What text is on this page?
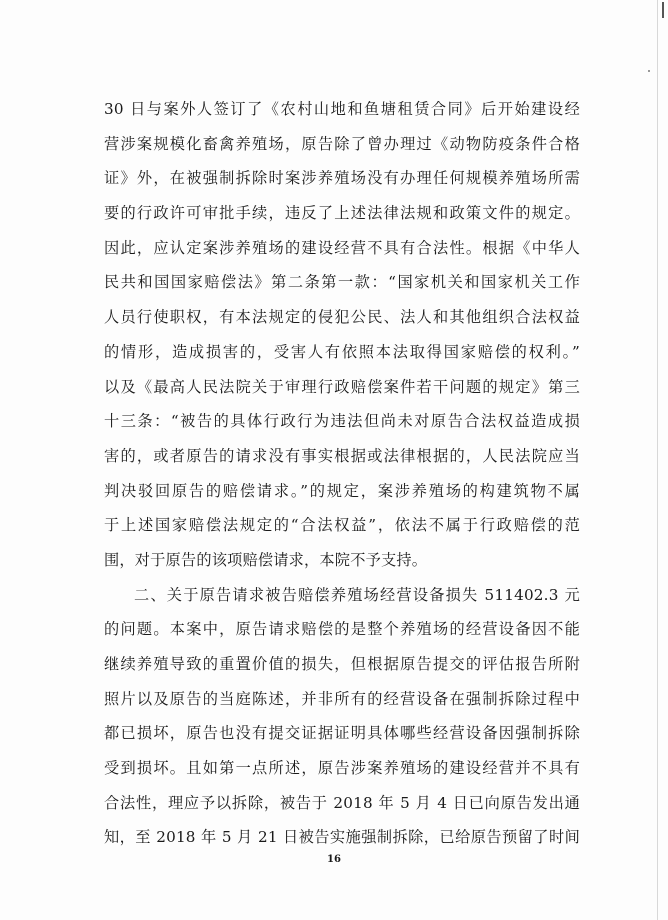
30 日与案外人签订了《农村山地和鱼塘租赁合同》后开始建设经
营涉案规模化畜禽养殖场，原告除了曾办理过《动物防疫条件合格
证》外，在被强制拆除时案涉养殖场没有办理任何规模养殖场所需
要的行政许可审批手续，违反了上述法律法规和政策文件的规定。
因此，应认定案涉养殖场的建设经营不具有合法性。根据《中华人
民共和国国家赔偿法》第二条第一款：“国家机关和国家机关工作
人员行使职权，有本法规定的侵犯公民、法人和其他组织合法权益
的情形，造成损害的，受害人有依照本法取得国家赔偿的权利。”
以及《最高人民法院关于审理行政赔偿案件若干问题的规定》第三
十三条：“被告的具体行政行为违法但尚未对原告合法权益造成损
害的，或者原告的请求没有事实根据或法律根据的，人民法院应当
判决驳回原告的赔偿请求。”的规定，案涉养殖场的构建筑物不属
于上述国家赔偿法规定的“合法权益”，依法不属于行政赔偿的范
围，对于原告的该项赔偿请求，本院不予支持。
二、关于原告请求被告赔偿养殖场经营设备损失 511402.3 元
的问题。本案中，原告请求赔偿的是整个养殖场的经营设备因不能
继续养殖导致的重置价值的损失，但根据原告提交的评估报告所附
照片以及原告的当庭陈述，并非所有的经营设备在强制拆除过程中
都已损坏，原告也没有提交证据证明具体哪些经营设备因强制拆除
受到损坏。且如第一点所述，原告涉案养殖场的建设经营并不具有
合法性，理应予以拆除，被告于 2018 年 5 月 4 日已向原告发出通
知，至 2018 年 5 月 21 日被告实施强制拆除，已给原告预留了时间
16
